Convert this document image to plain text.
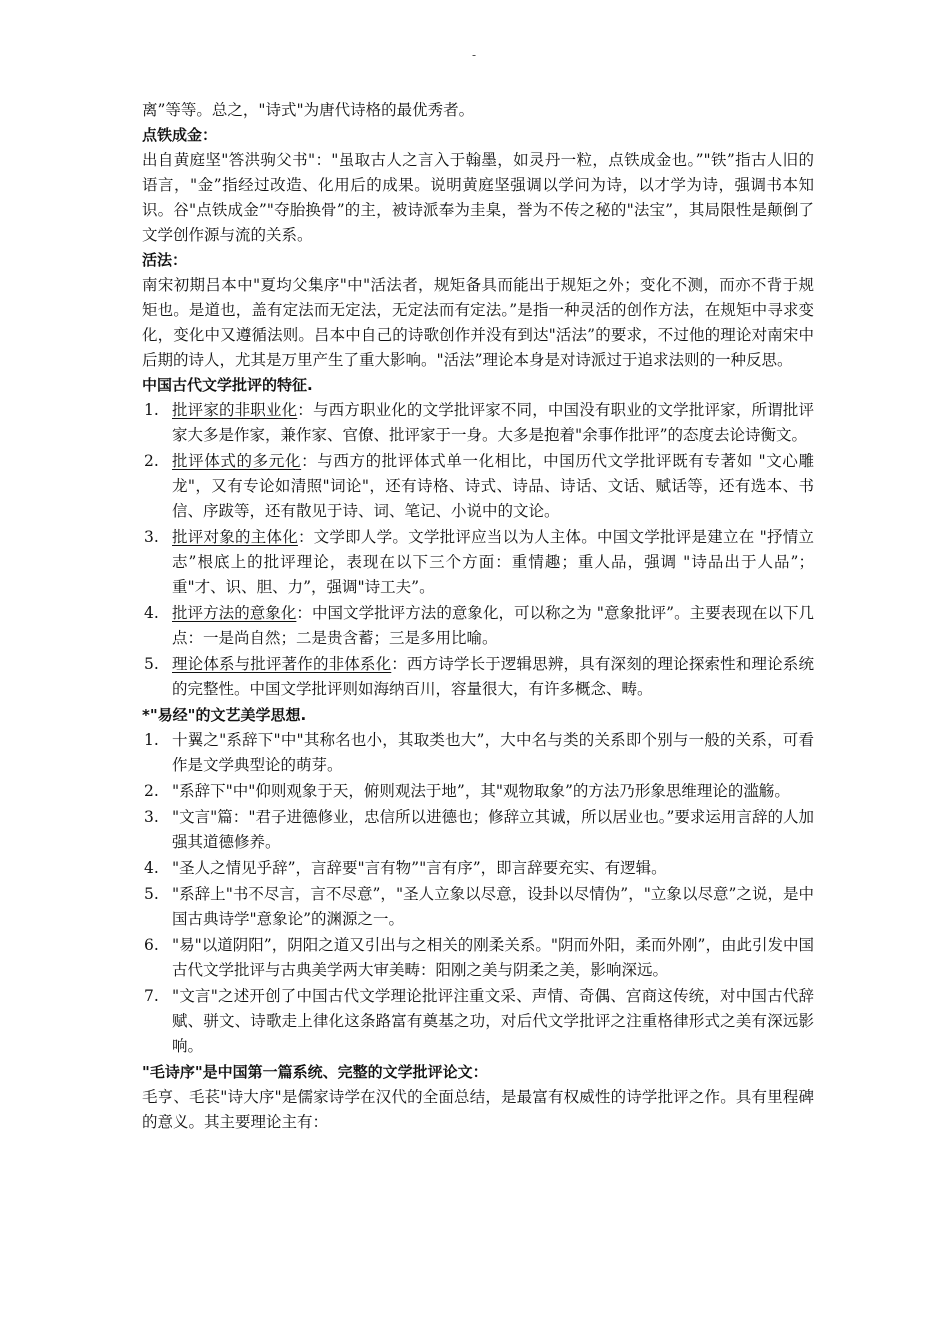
-

离”等等。总之，"诗式"为唐代诗格的最优秀者。

点铁成金：

出自黄庭坚"答洪驹父书"："虽取古人之言入于翰墨，如灵丹一粒，点铁成金也。”"铁”指古人旧的语言，"金”指经过改造、化用后的成果。说明黄庭坚强调以学问为诗，以才学为诗，强调书本知识。谷"点铁成金”"夺胎换骨”的主，被诗派奉为圭臬，誉为不传之秘的"法宝”，其局限性是颠倒了文学创作源与流的关系。

活法：

南宋初期吕本中"夏均父集序"中"活法者，规矩备具而能出于规矩之外；变化不测，而亦不背于规矩也。是道也，盖有定法而无定法，无定法而有定法。”是指一种灵活的创作方法，在规矩中寻求变化，变化中又遵循法则。吕本中自己的诗歌创作并没有到达"活法”的要求，不过他的理论对南宋中后期的诗人，尤其是万里产生了重大影响。"活法”理论本身是对诗派过于追求法则的一种反思。

中国古代文学批评的特征.

1. 批评家的非职业化：与西方职业化的文学批评家不同，中国没有职业的文学批评家，所谓批评家大多是作家，兼作家、官僚、批评家于一身。大多是抱着"余事作批评”的态度去论诗衡文。
2. 批评体式的多元化：与西方的批评体式单一化相比，中国历代文学批评既有专著如 "文心雕龙"，又有专论如清照"词论"，还有诗格、诗式、诗品、诗话、文话、赋话等，还有选本、书信、序跋等，还有散见于诗、词、笔记、小说中的文论。
3. 批评对象的主体化：文学即人学。文学批评应当以为人主体。中国文学批评是建立在 "抒情立志”根底上的批评理论，表现在以下三个方面：重情趣；重人品，强调 "诗品出于人品”；重"才、识、胆、力”，强调"诗工夫”。
4. 批评方法的意象化：中国文学批评方法的意象化，可以称之为 "意象批评”。主要表现在以下几点：一是尚自然；二是贵含蓄；三是多用比喻。
5. 理论体系与批评著作的非体系化：西方诗学长于逻辑思辨，具有深刻的理论探索性和理论系统的完整性。中国文学批评则如海纳百川，容量很大，有许多概念、畴。

*"易经"的文艺美学思想.

1. 十翼之"系辞下"中"其称名也小，其取类也大”，大中名与类的关系即个别与一般的关系，可看作是文学典型论的萌芽。
2. "系辞下"中"仰则观象于天，俯则观法于地”，其"观物取象”的方法乃形象思维理论的滥觞。
3. "文言"篇："君子进德修业，忠信所以进德也；修辞立其诚，所以居业也。”要求运用言辞的人加强其道德修养。
4. "圣人之情见乎辞”，言辞要"言有物”"言有序”，即言辞要充实、有逻辑。
5. "系辞上"书不尽言，言不尽意”，"圣人立象以尽意，设卦以尽情伪”，"立象以尽意”之说，是中国古典诗学"意象论”的渊源之一。
6. "易"以道阴阳”，阴阳之道又引出与之相关的刚柔关系。"阴而外阳，柔而外刚”，由此引发中国古代文学批评与古典美学两大审美畴：阳刚之美与阴柔之美，影响深远。
7. "文言"之述开创了中国古代文学理论批评注重文采、声情、奇偶、宫商这传统，对中国古代辞赋、骈文、诗歌走上律化这条路富有奠基之功，对后代文学批评之注重格律形式之美有深远影响。

"毛诗序"是中国第一篇系统、完整的文学批评论文：

毛亨、毛苌"诗大序"是儒家诗学在汉代的全面总结，是最富有权威性的诗学批评之作。具有里程碑的意义。其主要理论主有：
